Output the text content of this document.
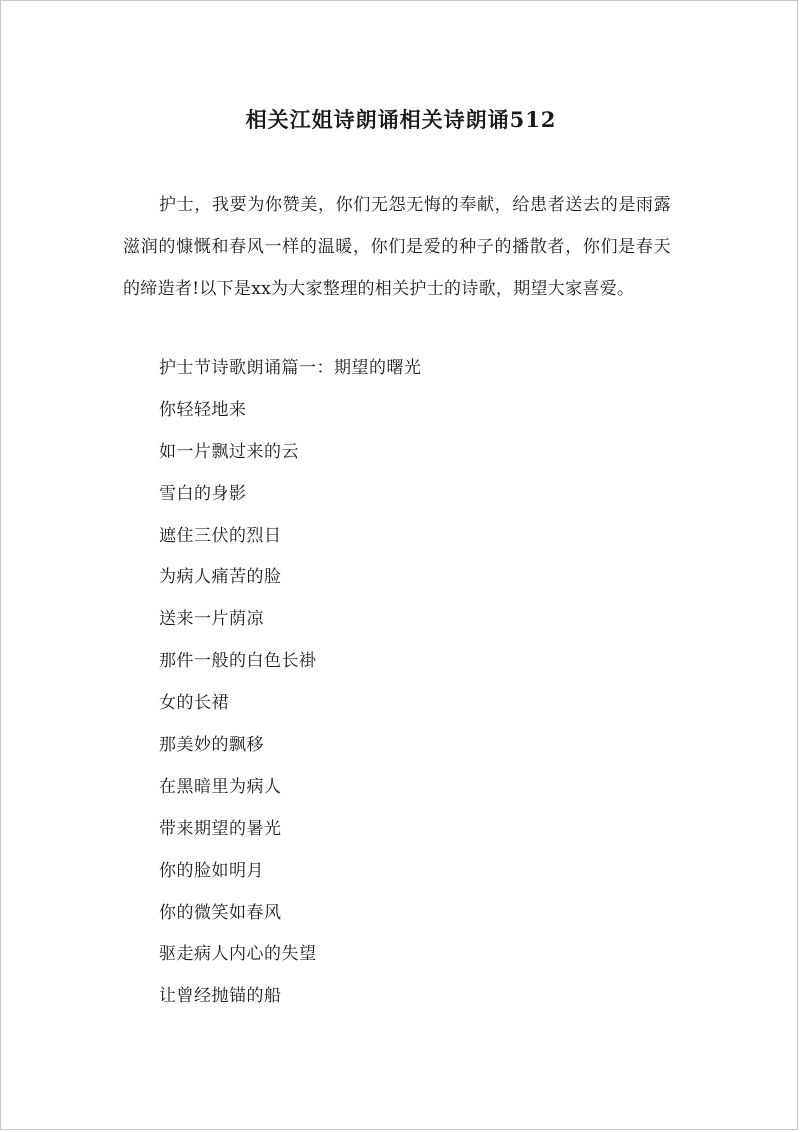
相关江姐诗朗诵相关诗朗诵512

护士，我要为你赞美，你们无怨无悔的奉献，给患者送去的是雨露滋润的慷慨和春风一样的温暖，你们是爱的种子的播散者，你们是春天的缔造者!以下是xx为大家整理的相关护士的诗歌，期望大家喜爱。

护士节诗歌朗诵篇一：期望的曙光
你轻轻地来
如一片飘过来的云
雪白的身影
遮住三伏的烈日
为病人痛苦的脸
送来一片荫凉
那件一般的白色长褂
女的长裙
那美妙的飘移
在黑暗里为病人
带来期望的暑光
你的脸如明月
你的微笑如春风
驱走病人内心的失望
让曾经抛锚的船
